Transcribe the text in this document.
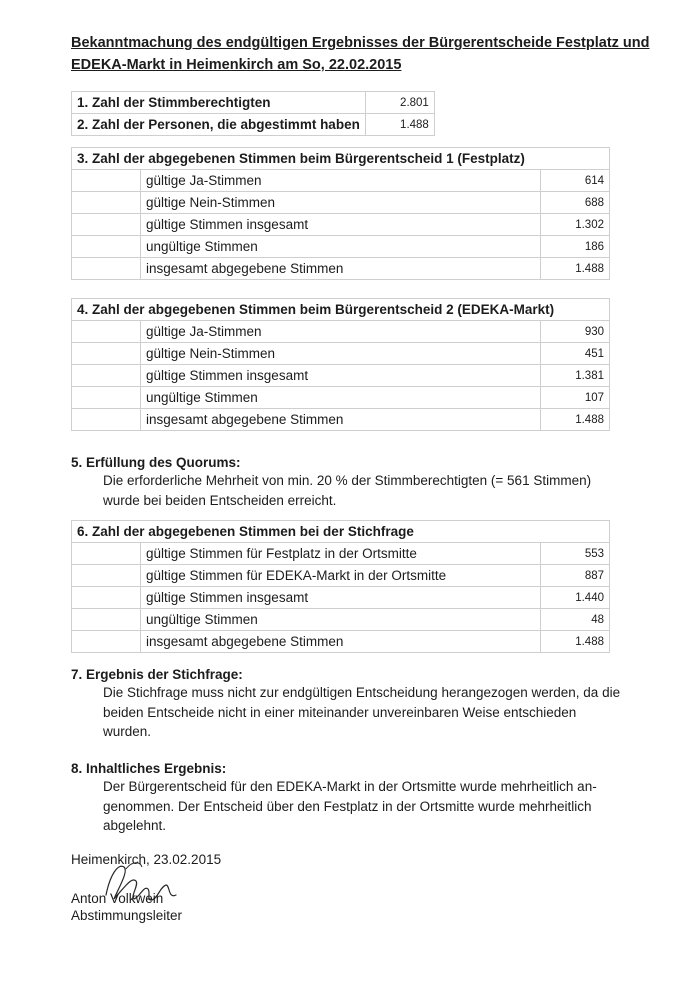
Bekanntmachung des endgültigen Ergebnisses der Bürgerentscheide Festplatz und EDEKA-Markt in Heimenkirch am So, 22.02.2015
1. Zahl der Stimmberechtigten	2.801
2. Zahl der Personen, die abgestimmt haben	1.488
3. Zahl der abgegebenen Stimmen beim Bürgerentscheid 1 (Festplatz)		
	gültige Ja-Stimmen	614
	gültige Nein-Stimmen	688
	gültige Stimmen insgesamt	1.302
	ungültige Stimmen	186
	insgesamt abgegebene Stimmen	1.488
4. Zahl der abgegebenen Stimmen beim Bürgerentscheid 2 (EDEKA-Markt)		
	gültige Ja-Stimmen	930
	gültige Nein-Stimmen	451
	gültige Stimmen insgesamt	1.381
	ungültige Stimmen	107
	insgesamt abgegebene Stimmen	1.488
5. Erfüllung des Quorums:
Die erforderliche Mehrheit von min. 20 % der Stimmberechtigten (= 561 Stimmen)
wurde bei beiden Entscheiden erreicht.
6. Zahl der abgegebenen Stimmen bei der Stichfrage		
	gültige Stimmen für Festplatz in der Ortsmitte	553
	gültige Stimmen für EDEKA-Markt in der Ortsmitte	887
	gültige Stimmen insgesamt	1.440
	ungültige Stimmen	48
	insgesamt abgegebene Stimmen	1.488
7. Ergebnis der Stichfrage:
Die Stichfrage muss nicht zur endgültigen Entscheidung herangezogen werden, da die
beiden Entscheide nicht in einer miteinander unvereinbaren Weise entschieden
wurden.
8. Inhaltliches Ergebnis:
Der Bürgerentscheid für den EDEKA-Markt in der Ortsmitte wurde mehrheitlich an-
genommen. Der Entscheid über den Festplatz in der Ortsmitte wurde mehrheitlich
abgelehnt.
Heimenkirch, 23.02.2015
Anton Volkwein
Abstimmungsleiter
